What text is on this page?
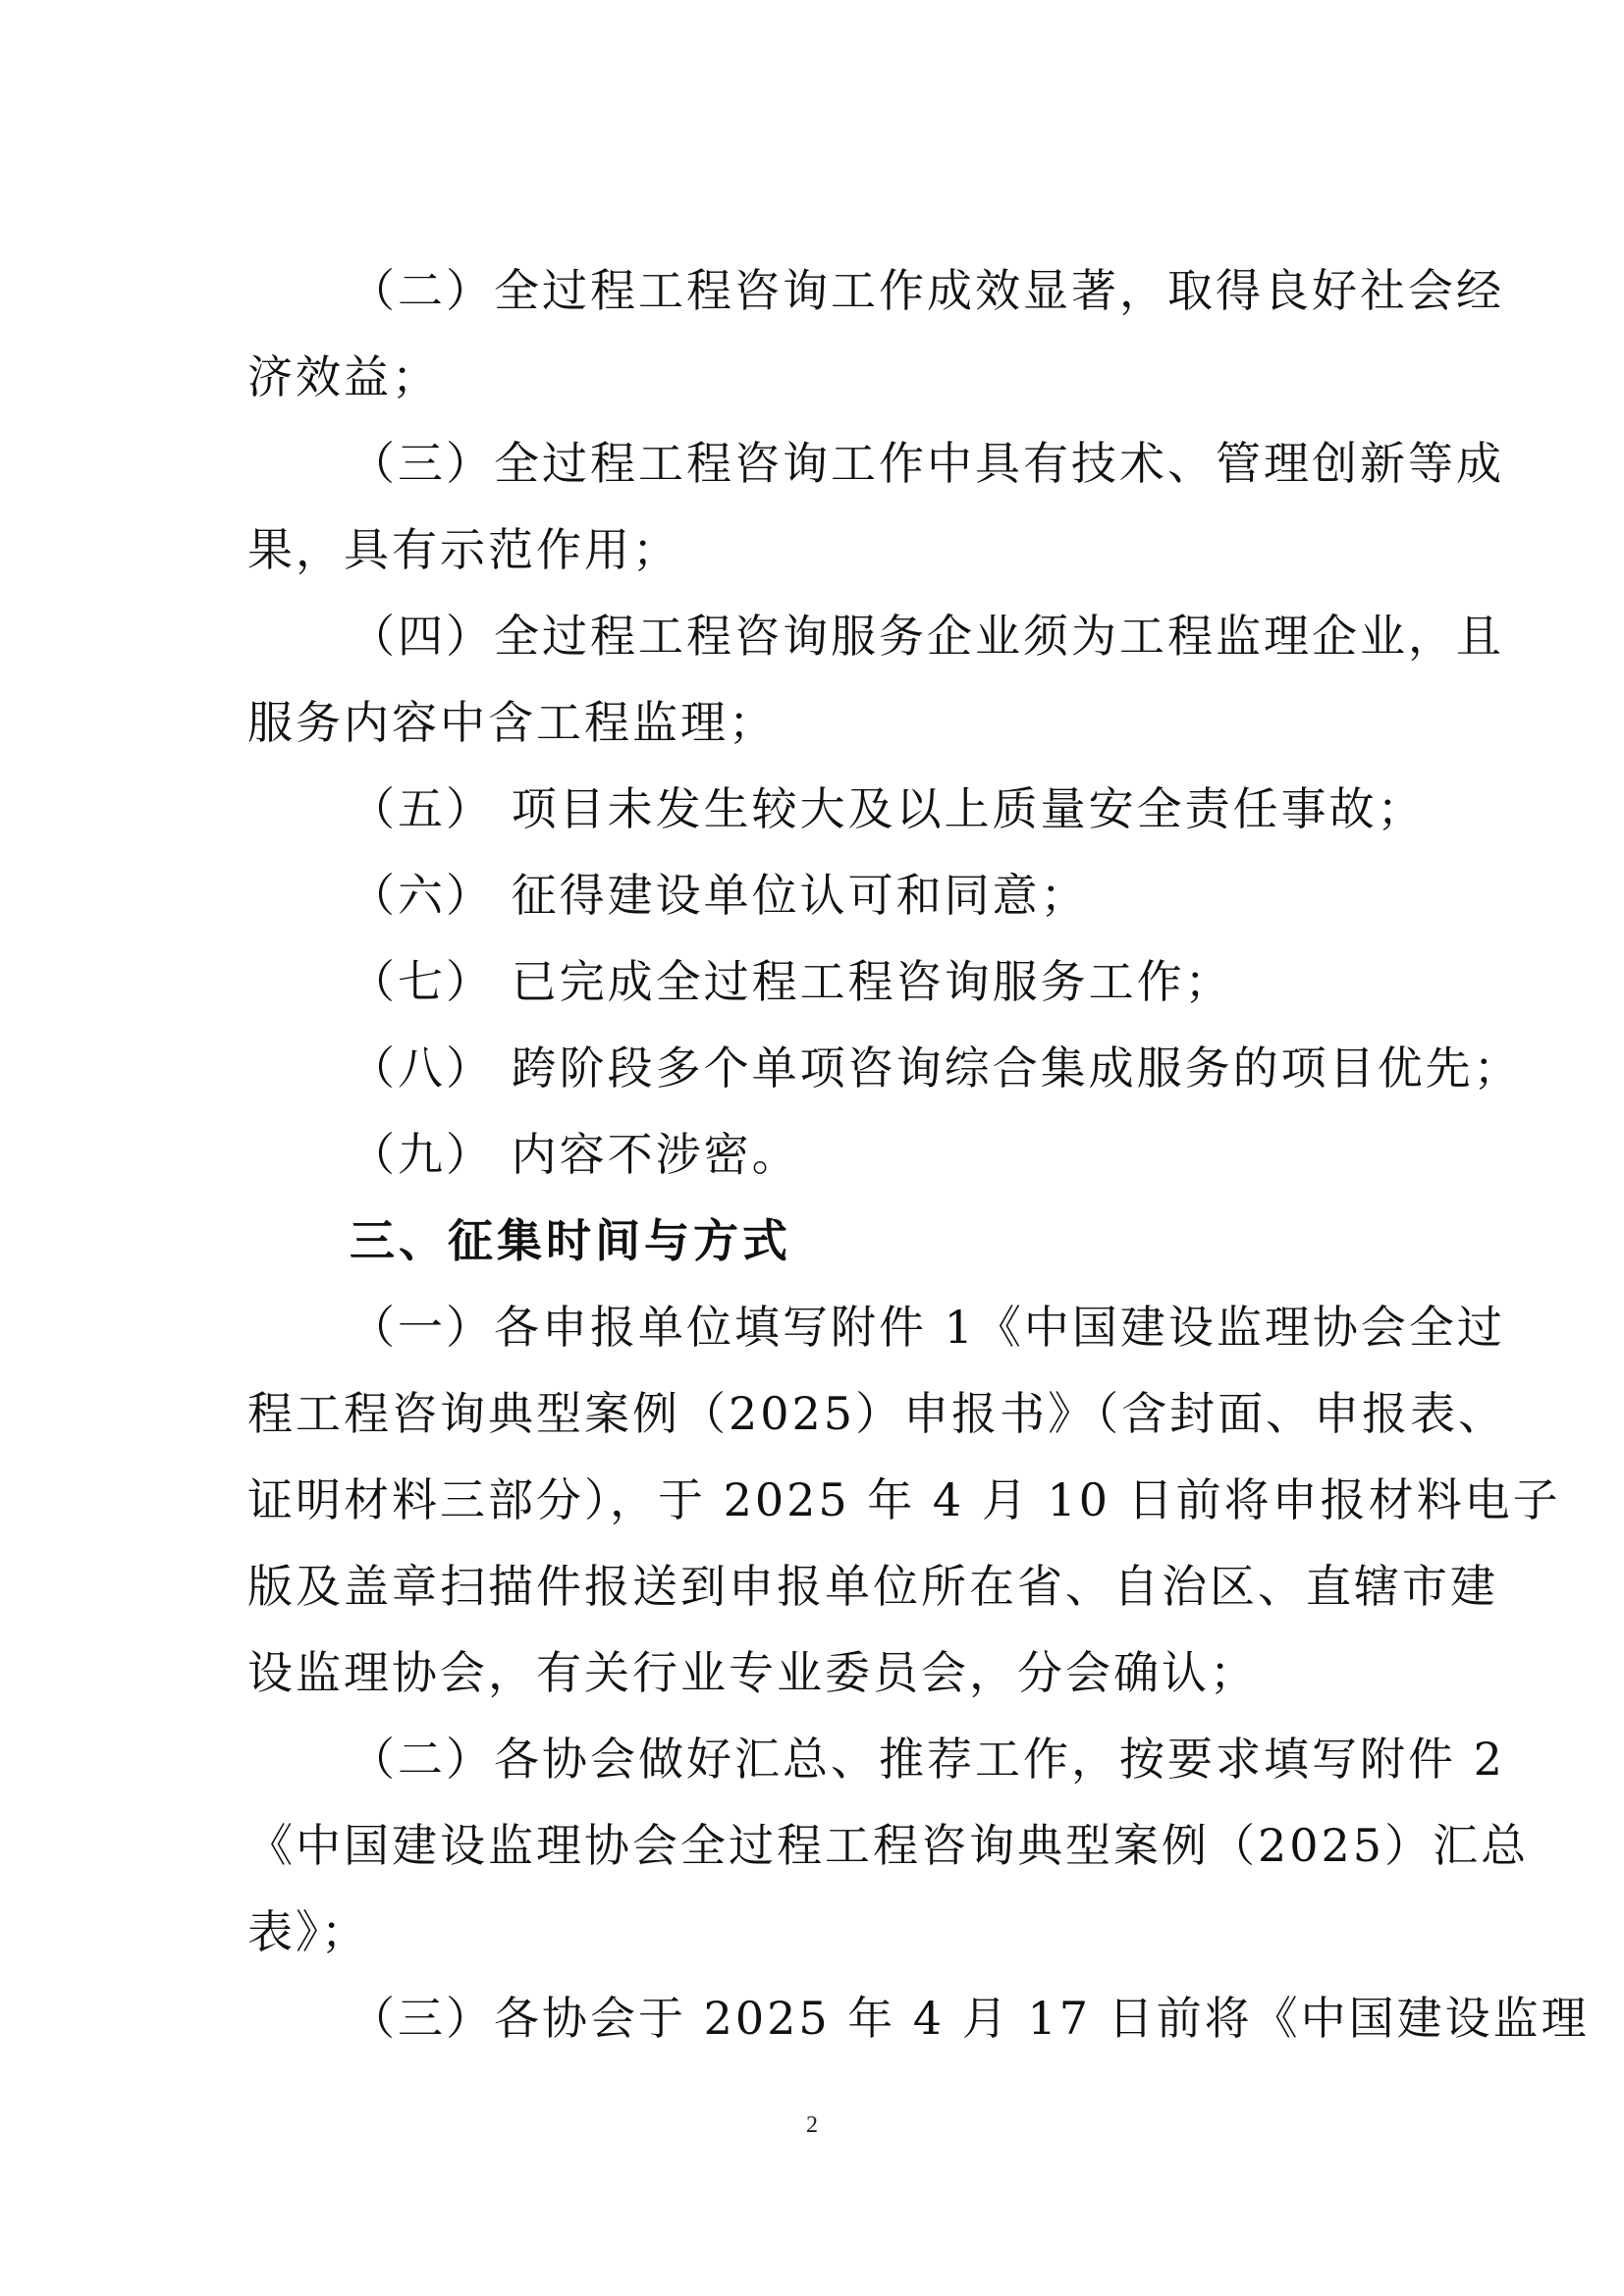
（二）全过程工程咨询工作成效显著，取得良好社会经
济效益；
（三）全过程工程咨询工作中具有技术、管理创新等成
果，具有示范作用；
（四）全过程工程咨询服务企业须为工程监理企业，且
服务内容中含工程监理；
（五） 项目未发生较大及以上质量安全责任事故；
（六） 征得建设单位认可和同意；
（七） 已完成全过程工程咨询服务工作；
（八） 跨阶段多个单项咨询综合集成服务的项目优先；
（九） 内容不涉密。
三、征集时间与方式
（一）各申报单位填写附件 1《中国建设监理协会全过
程工程咨询典型案例（2025）申报书》（含封面、申报表、
证明材料三部分），于 2025 年 4 月 10 日前将申报材料电子
版及盖章扫描件报送到申报单位所在省、自治区、直辖市建
设监理协会，有关行业专业委员会，分会确认；
（二）各协会做好汇总、推荐工作，按要求填写附件 2
《中国建设监理协会全过程工程咨询典型案例（2025）汇总
表》；
（三）各协会于 2025 年 4 月 17 日前将《中国建设监理
2
